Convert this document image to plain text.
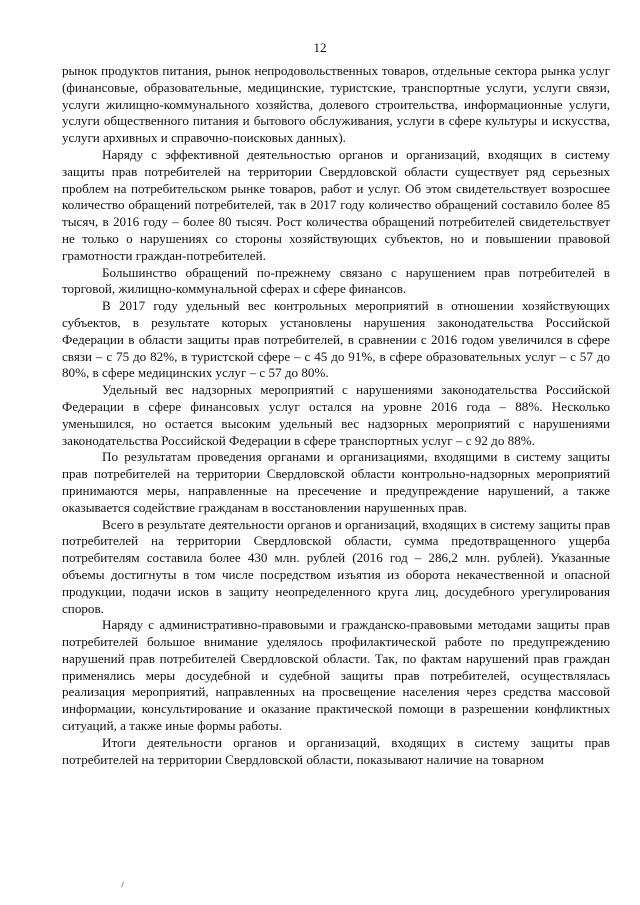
12

рынок продуктов питания, рынок непродовольственных товаров, отдельные сектора рынка услуг (финансовые, образовательные, медицинские, туристские, транспортные услуги, услуги связи, услуги жилищно-коммунального хозяйства, долевого строительства, информационные услуги, услуги общественного питания и бытового обслуживания, услуги в сфере культуры и искусства, услуги архивных и справочно-поисковых данных).

Наряду с эффективной деятельностью органов и организаций, входящих в систему защиты прав потребителей на территории Свердловской области существует ряд серьезных проблем на потребительском рынке товаров, работ и услуг. Об этом свидетельствует возросшее количество обращений потребителей, так в 2017 году количество обращений составило более 85 тысяч, в 2016 году – более 80 тысяч. Рост количества обращений потребителей свидетельствует не только о нарушениях со стороны хозяйствующих субъектов, но и повышении правовой грамотности граждан-потребителей.

Большинство обращений по-прежнему связано с нарушением прав потребителей в торговой, жилищно-коммунальной сферах и сфере финансов.

В 2017 году удельный вес контрольных мероприятий в отношении хозяйствующих субъектов, в результате которых установлены нарушения законодательства Российской Федерации в области защиты прав потребителей, в сравнении с 2016 годом увеличился в сфере связи – с 75 до 82%, в туристской сфере – с 45 до 91%, в сфере образовательных услуг – с 57 до 80%, в сфере медицинских услуг – с 57 до 80%.

Удельный вес надзорных мероприятий с нарушениями законодательства Российской Федерации в сфере финансовых услуг остался на уровне 2016 года – 88%. Несколько уменьшился, но остается высоким удельный вес надзорных мероприятий с нарушениями законодательства Российской Федерации в сфере транспортных услуг – с 92 до 88%.

По результатам проведения органами и организациями, входящими в систему защиты прав потребителей на территории Свердловской области контрольно-надзорных мероприятий принимаются меры, направленные на пресечение и предупреждение нарушений, а также оказывается содействие гражданам в восстановлении нарушенных прав.

Всего в результате деятельности органов и организаций, входящих в систему защиты прав потребителей на территории Свердловской области, сумма предотвращенного ущерба потребителям составила более 430 млн. рублей (2016 год – 286,2 млн. рублей). Указанные объемы достигнуты в том числе посредством изъятия из оборота некачественной и опасной продукции, подачи исков в защиту неопределенного круга лиц, досудебного урегулирования споров.

Наряду с административно-правовыми и гражданско-правовыми методами защиты прав потребителей большое внимание уделялось профилактической работе по предупреждению нарушений прав потребителей Свердловской области. Так, по фактам нарушений прав граждан применялись меры досудебной и судебной защиты прав потребителей, осуществлялась реализация мероприятий, направленных на просвещение населения через средства массовой информации, консультирование и оказание практической помощи в разрешении конфликтных ситуаций, а также иные формы работы.

Итоги деятельности органов и организаций, входящих в систему защиты прав потребителей на территории Свердловской области, показывают наличие на товарном
